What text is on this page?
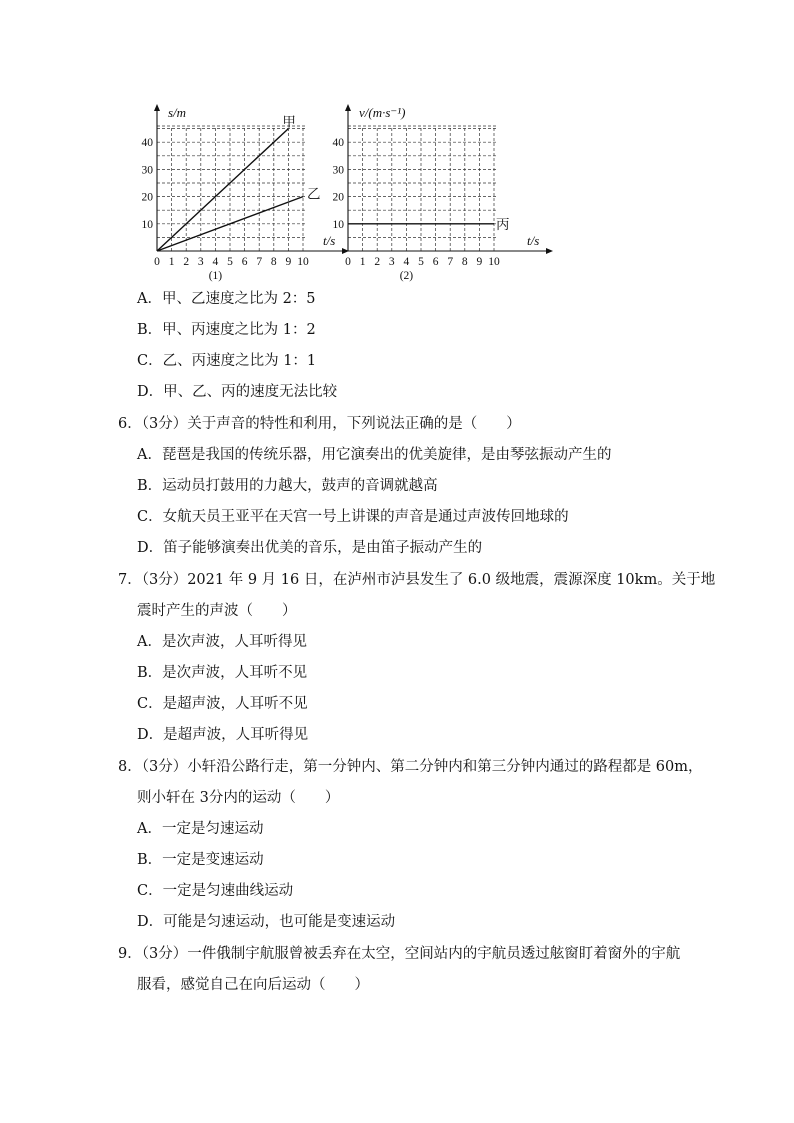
s/m
t/s
0 1 2 3 4 5 6 7 8 9 10
10
20
30
40
(1)
甲
乙
v/(m·s⁻¹)
t/s
0 1 2 3 4 5 6 7 8 9 10
10
20
30
40
(2)
丙
A．甲、乙速度之比为 2：5
B．甲、丙速度之比为 1：2
C．乙、丙速度之比为 1：1
D．甲、乙、丙的速度无法比较
6．（3分）关于声音的特性和利用，下列说法正确的是（　　）
A．琵琶是我国的传统乐器，用它演奏出的优美旋律，是由琴弦振动产生的
B．运动员打鼓用的力越大，鼓声的音调就越高
C．女航天员王亚平在天宫一号上讲课的声音是通过声波传回地球的
D．笛子能够演奏出优美的音乐，是由笛子振动产生的
7．（3分）2021 年 9 月 16 日，在泸州市泸县发生了 6.0 级地震，震源深度 10km。关于地
震时产生的声波（　　）
A．是次声波，人耳听得见
B．是次声波，人耳听不见
C．是超声波，人耳听不见
D．是超声波，人耳听得见
8．（3分）小轩沿公路行走，第一分钟内、第二分钟内和第三分钟内通过的路程都是 60m，
则小轩在 3分内的运动（　　）
A．一定是匀速运动
B．一定是变速运动
C．一定是匀速曲线运动
D．可能是匀速运动，也可能是变速运动
9．（3分）一件俄制宇航服曾被丢弃在太空，空间站内的宇航员透过舷窗盯着窗外的宇航
服看，感觉自己在向后运动（　　）
